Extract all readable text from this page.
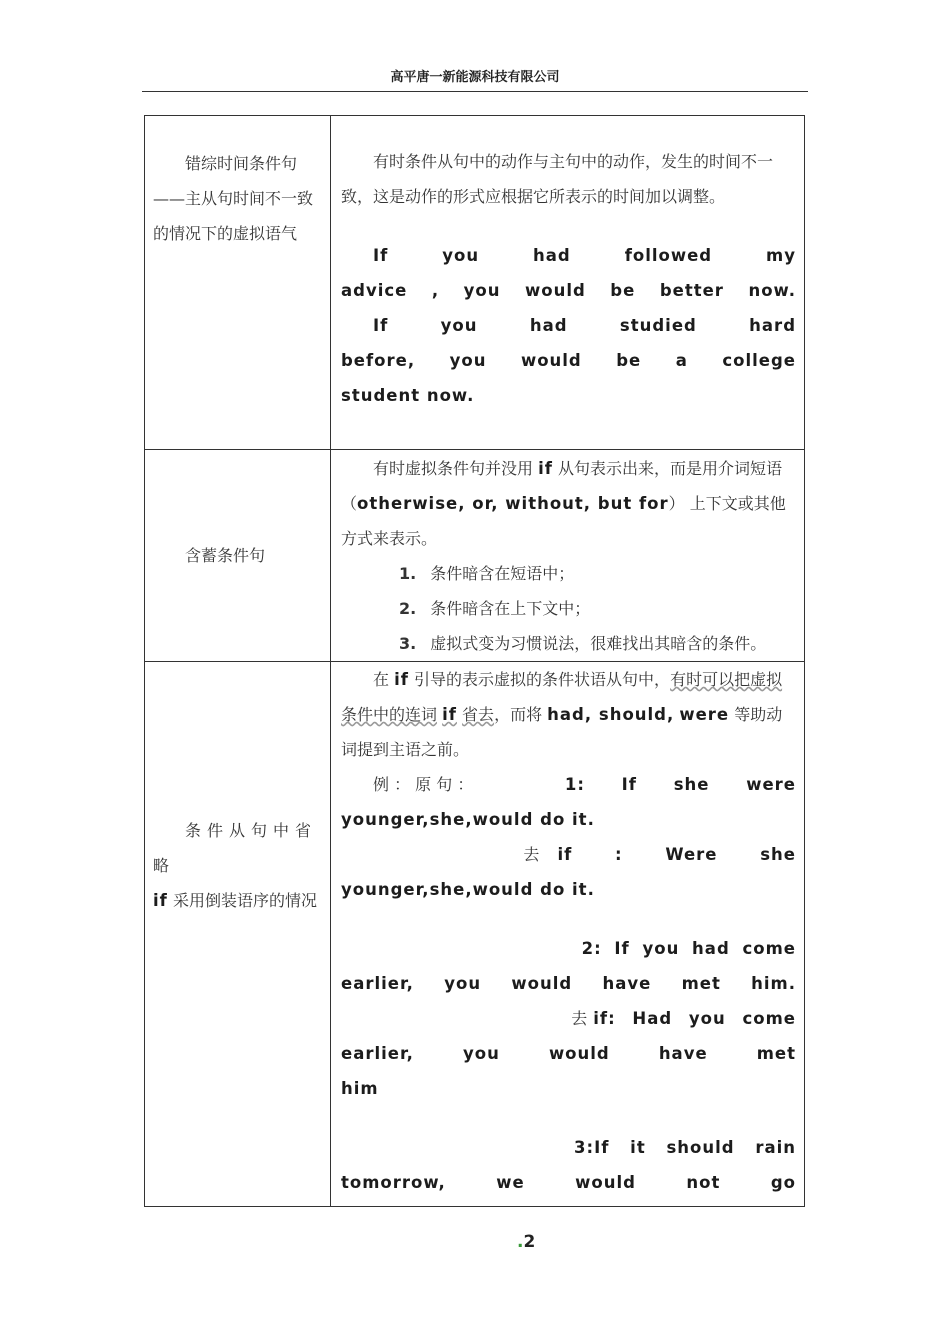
高平唐一新能源科技有限公司
错综时间条件句——主从句时间不一致的情况下的虚拟语气
有时条件从句中的动作与主句中的动作，发生的时间不一致，这是动作的形式应根据它所表示的时间加以调整。
If you had followed my
advice , you would be better now.
If you had studied hard
before, you would be a college
student now.
含蓄条件句
有时虚拟条件句并没用 if 从句表示出来，而是用介词短语（otherwise, or, without, but for） 上下文或其他方式来表示。
1. 条件暗含在短语中；
2. 条件暗含在上下文中；
3. 虚拟式变为习惯说法，很难找出其暗含的条件。
条件从句中省略
if 采用倒装语序的情况
在 if 引导的表示虚拟的条件状语从句中，有时可以把虚拟条件中的连词 if 省去，而将 had, should, were 等助动词提到主语之前。
例 ： 原 句 ：	1: If she were
younger,she,would do it.
去 if : Were she
younger,she,would do it.
2: If you had come
earlier, you would have met him.
去 if: Had you come
earlier, you would have met
him
3:If it should rain
tomorrow, we would not go
.2
